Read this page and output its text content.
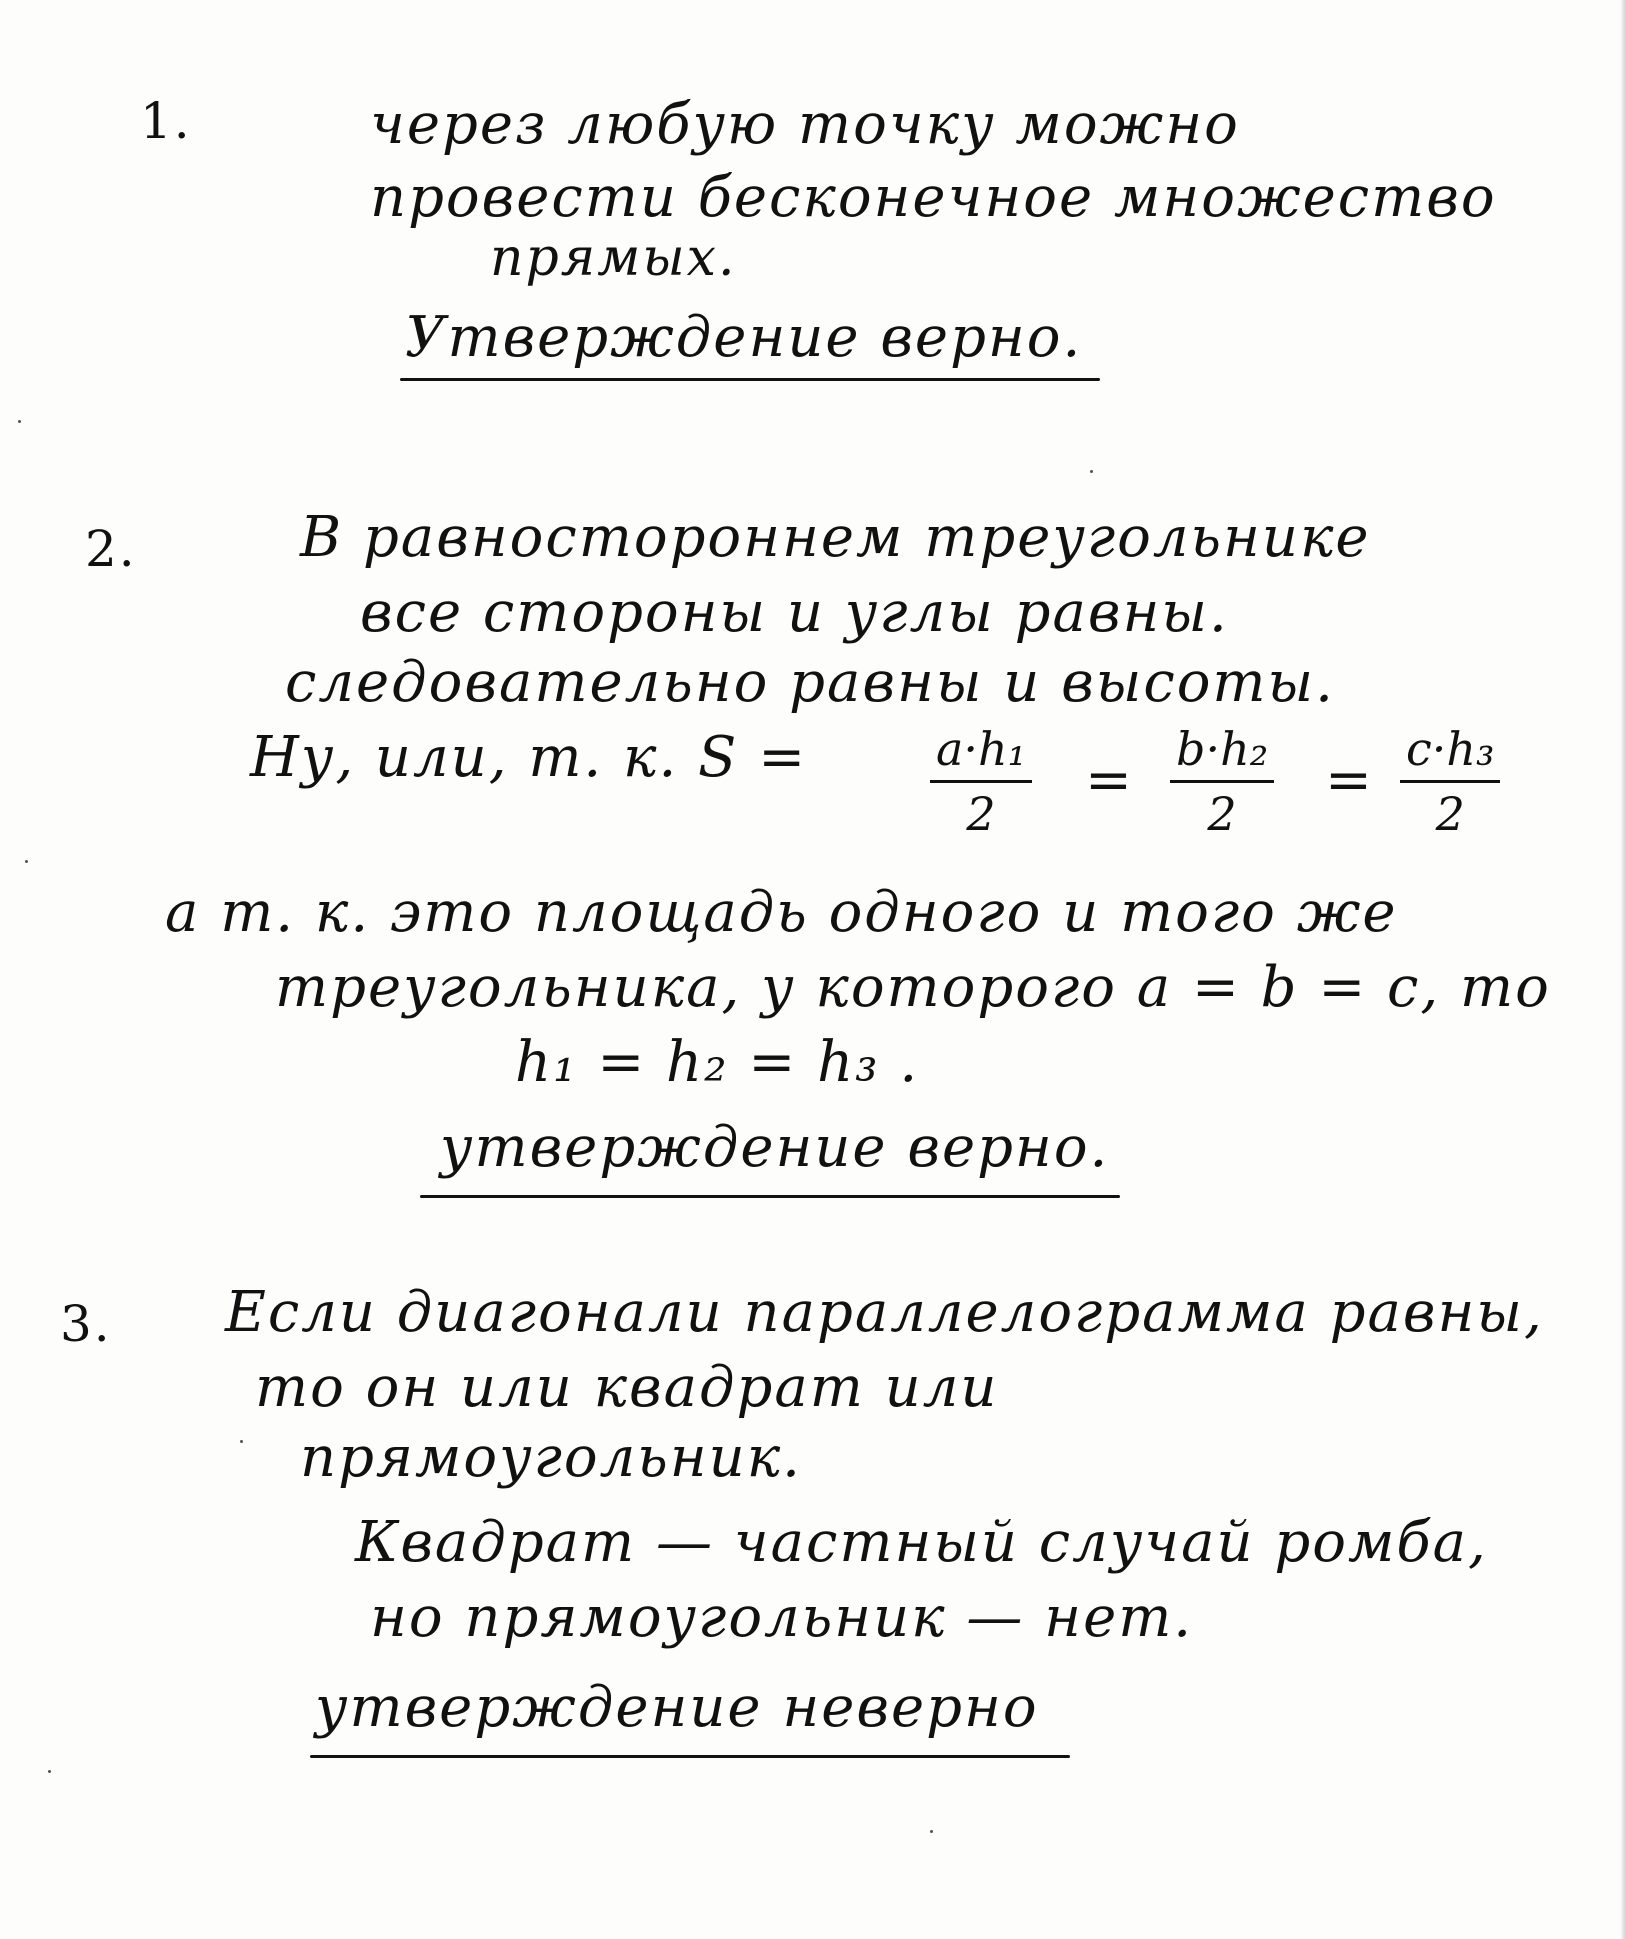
1.	через любую точку можно
провести бесконечное множество
прямых.
Утверждение верно.
2.	В равностороннем треугольнике
все стороны и углы равны.
следовательно равны и высоты.
Ну, или, т. к. S =	$\frac{\text{a·h₁}}{2} = \frac{\text{b·h₂}}{2} = \frac{\text{c·h₃}}{2}$
а т. к. это площадь одного и того же
треугольника, у которого a = b = c, то
h₁ = h₂ = h₃ .
утверждение верно.
3. Если диагонали параллелограмма равны,
то он или квадрат или
прямоугольник.
Квадрат — частный случай ромба,
но прямоугольник — нет.
утверждение неверно
